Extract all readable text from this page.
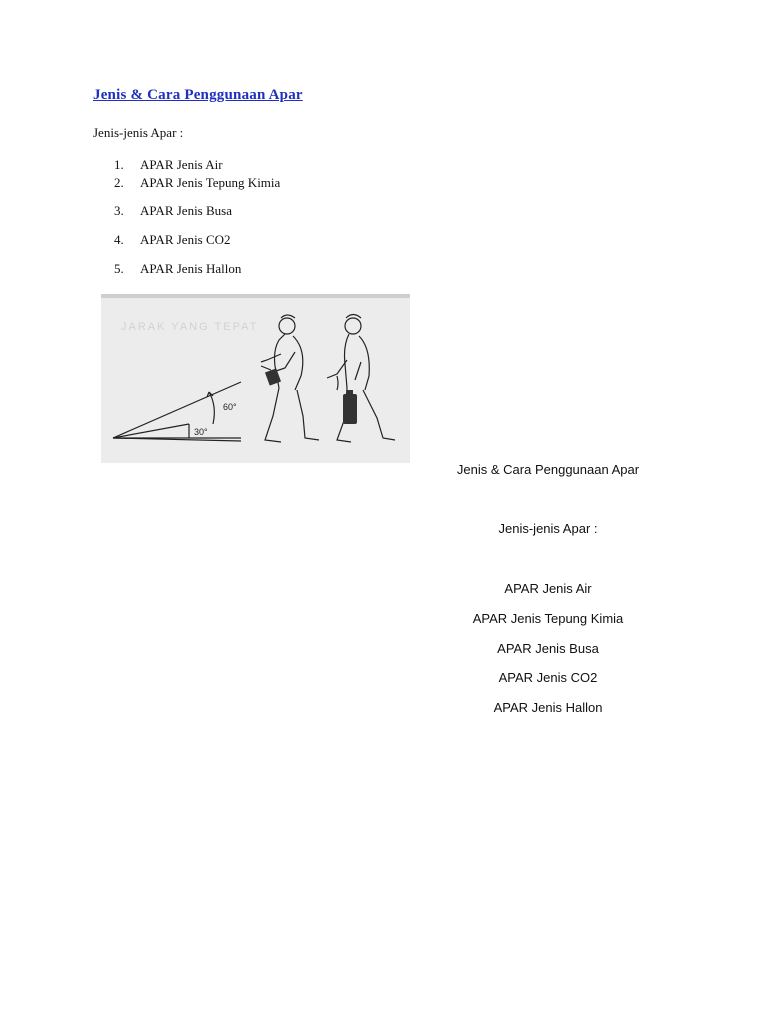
Jenis & Cara Penggunaan Apar
Jenis-jenis Apar :
1. APAR Jenis Air
2. APAR Jenis Tepung Kimia
3. APAR Jenis Busa
4. APAR Jenis CO2
5. APAR Jenis Hallon
JARAK YANG TEPAT
60°
30°
Jenis & Cara Penggunaan Apar
Jenis-jenis Apar :
APAR Jenis Air
APAR Jenis Tepung Kimia
APAR Jenis Busa
APAR Jenis CO2
APAR Jenis Hallon
